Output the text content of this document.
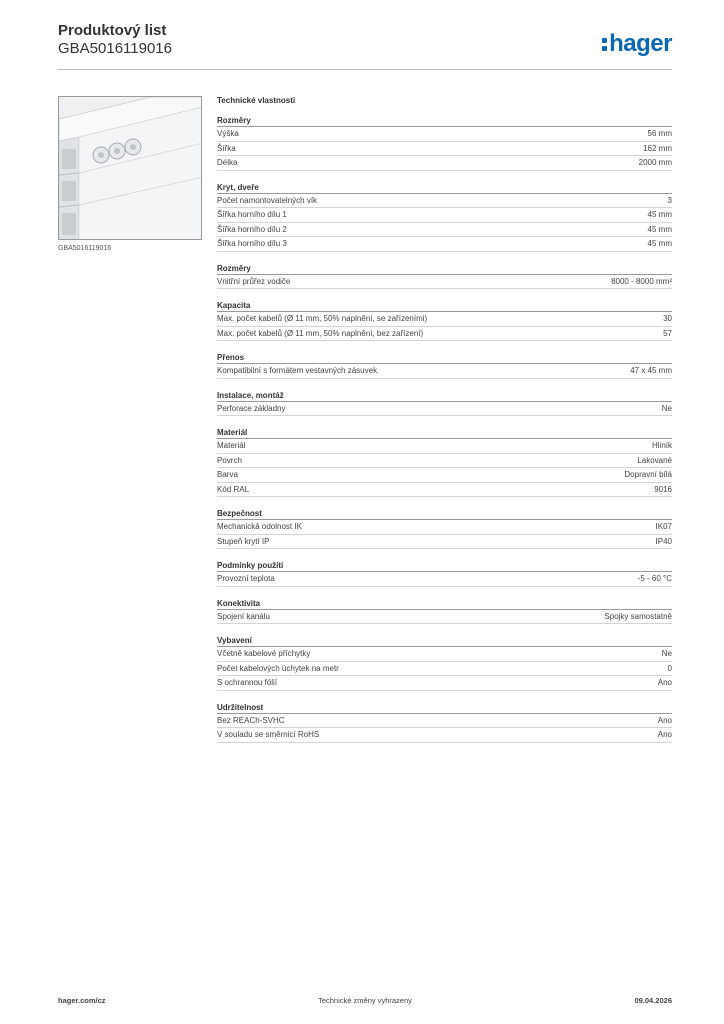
Produktový list
GBA5016119016	hager
GBA5016119016
Technické vlastnosti
Rozměry
Výška	56 mm
Šířka	162 mm
Délka	2000 mm
Kryt, dveře
Počet namontovatelných vík	3
Šířka horního dílu 1	45 mm
Šířka horního dílu 2	45 mm
Šířka horního dílu 3	45 mm
Rozměry
Vnitřní průřez vodiče	8000 - 8000 mm²
Kapacita
Max. počet kabelů (Ø 11 mm, 50% naplnění, se zařízeními)	30
Max. počet kabelů (Ø 11 mm, 50% naplnění, bez zařízení)	57
Přenos
Kompatibilní s formátem vestavných zásuvek	47 x 45 mm
Instalace, montáž
Perforace základny	Ne
Materiál
Materiál	Hliník
Povrch	Lakované
Barva	Dopravní bílá
Kód RAL	9016
Bezpečnost
Mechanická odolnost IK	IK07
Stupeň krytí IP	IP40
Podmínky použití
Provozní teplota	-5 - 60 °C
Konektivita
Spojení kanálu	Spojky samostatně
Vybavení
Včetně kabelové příchytky	Ne
Počet kabelových úchytek na metr	0
S ochrannou fólií	Ano
Udržitelnost
Bez REACh-SVHC	Ano
V souladu se směrnicí RoHS	Ano
hager.com/cz	Technické změny vyhrazeny	09.04.2026
